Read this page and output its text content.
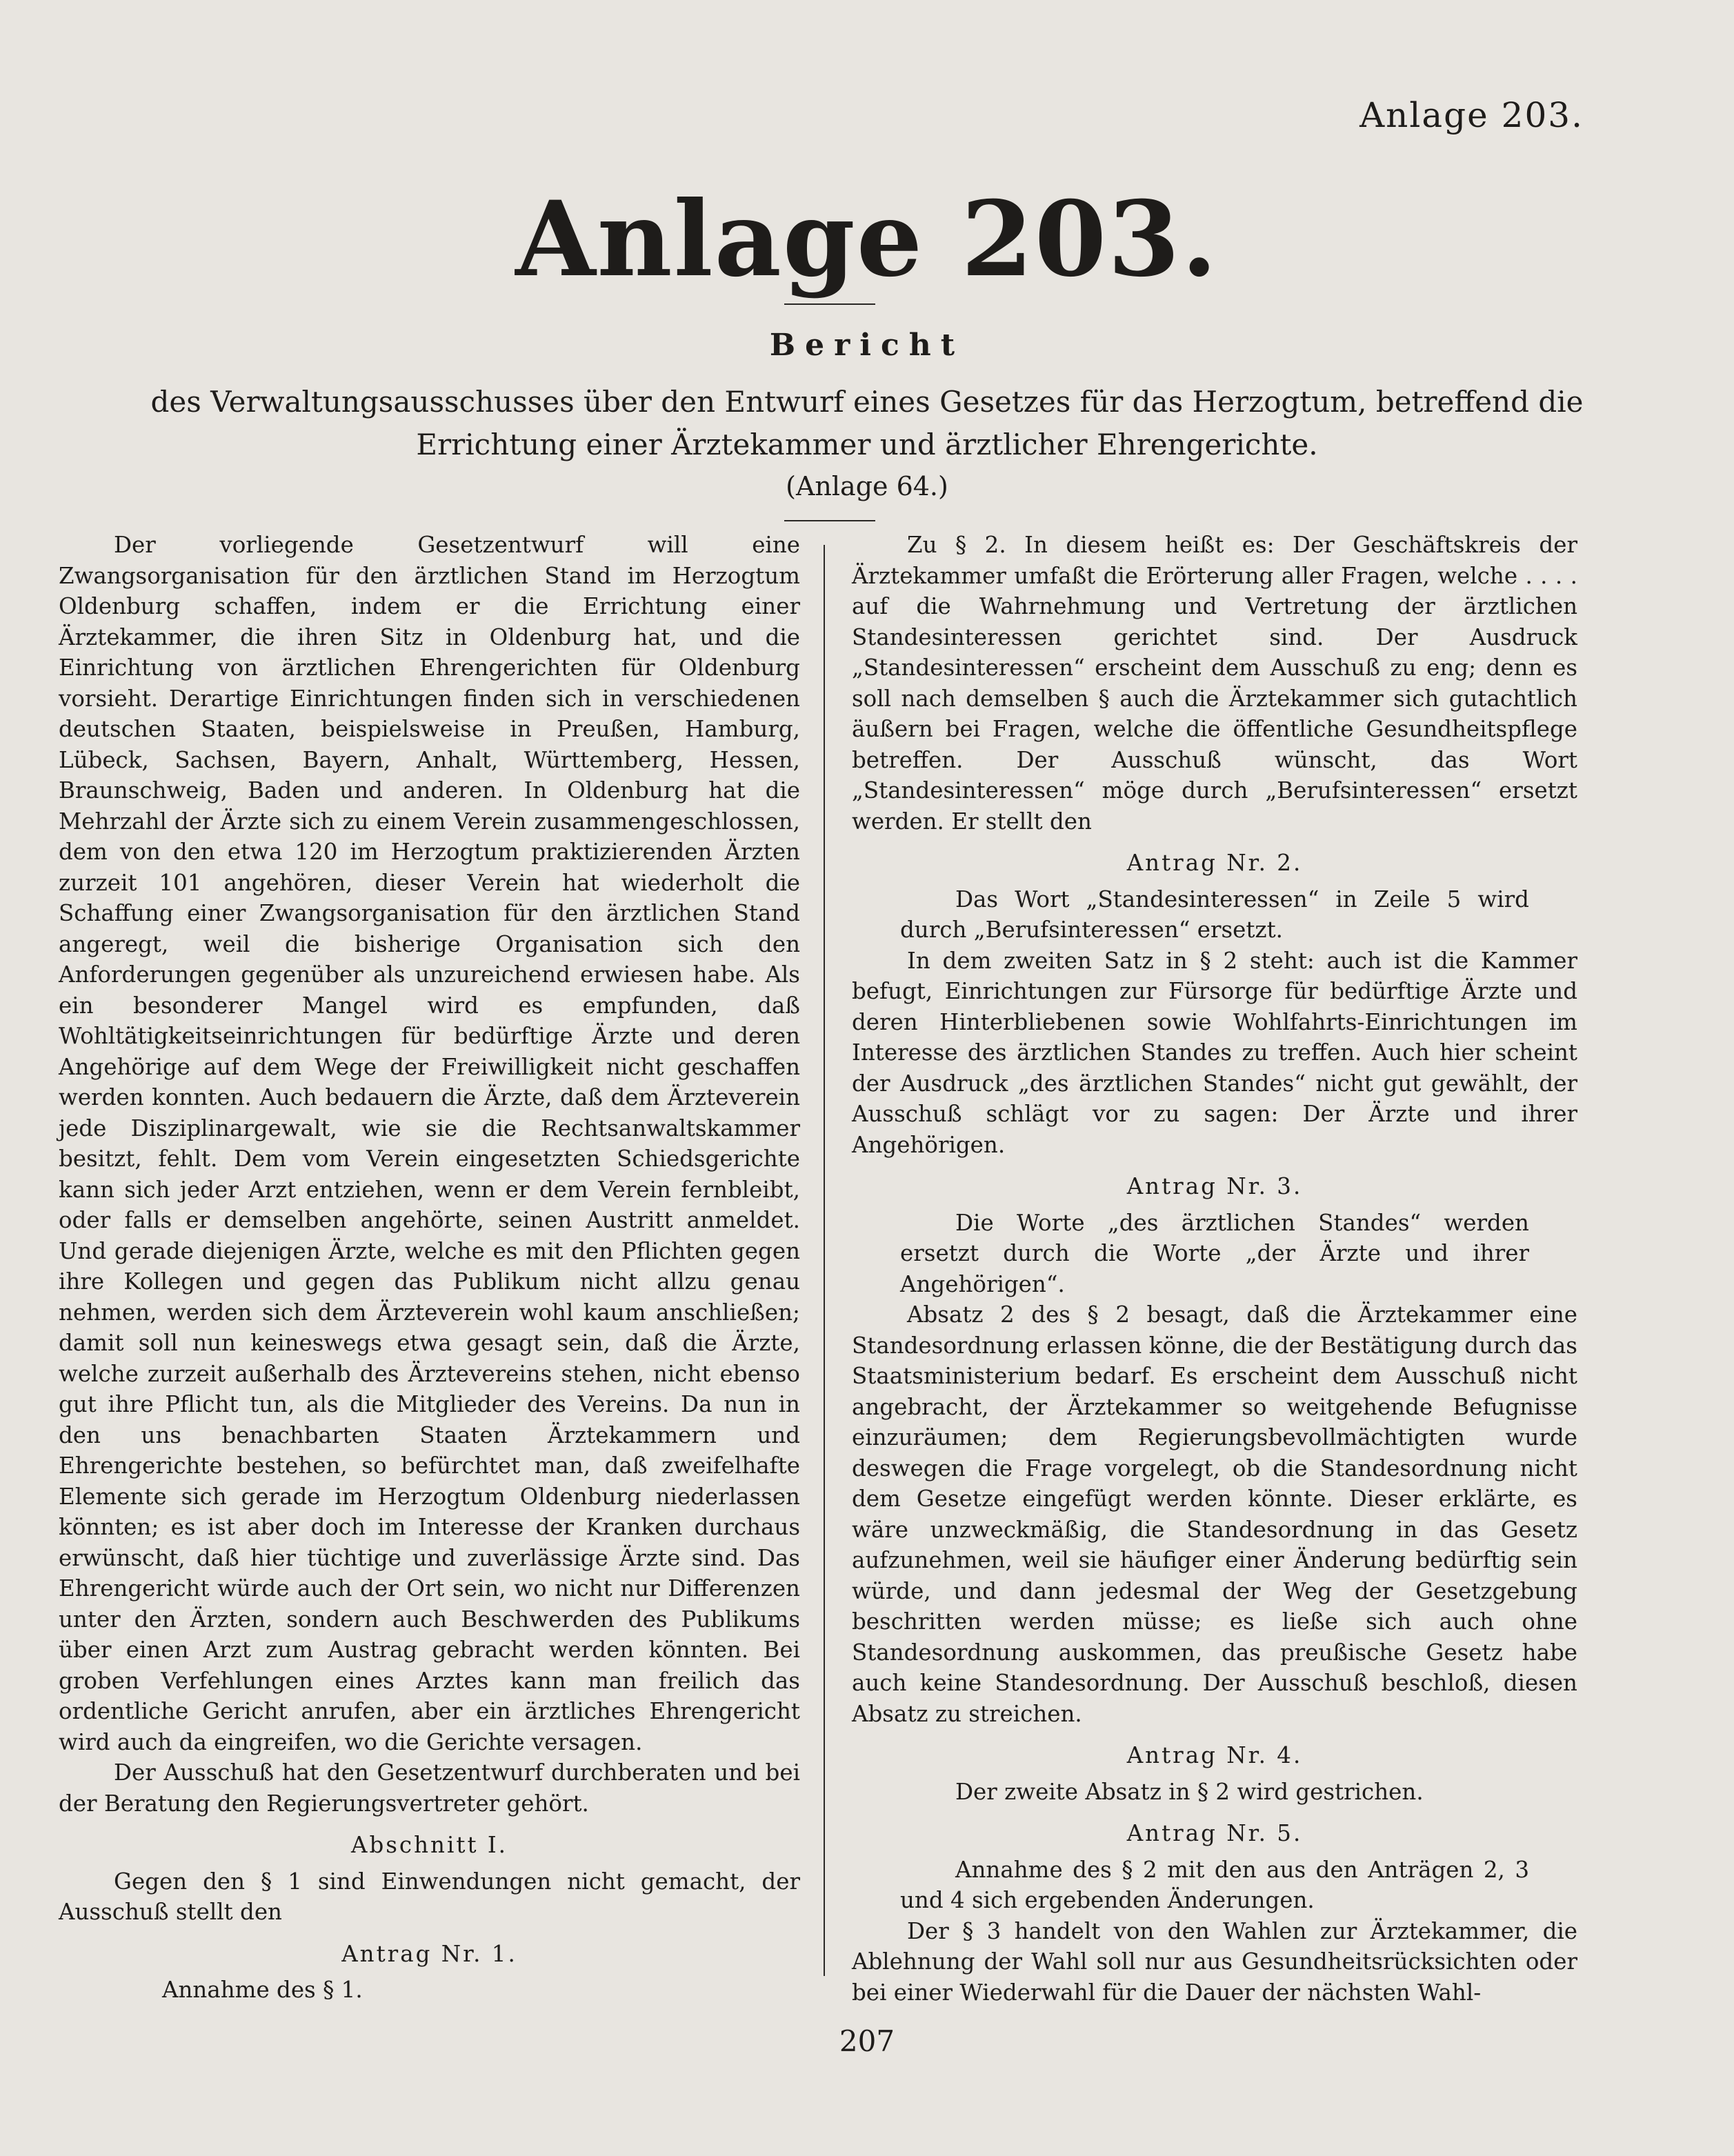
Anlage 203.
Anlage 203.
Bericht
des Verwaltungsausschusses über den Entwurf eines Gesetzes für das Herzogtum, betreffend die Errichtung einer Ärztekammer und ärztlicher Ehrengerichte.
(Anlage 64.)

Der vorliegende Gesetzentwurf will eine Zwangsorganisation für den ärztlichen Stand im Herzogtum Oldenburg schaffen, indem er die Errichtung einer Ärztekammer, die ihren Sitz in Oldenburg hat, und die Einrichtung von ärztlichen Ehrengerichten für Oldenburg vorsieht. Derartige Einrichtungen finden sich in verschiedenen deutschen Staaten, beispielsweise in Preußen, Hamburg, Lübeck, Sachsen, Bayern, Anhalt, Württemberg, Hessen, Braunschweig, Baden und anderen. In Oldenburg hat die Mehrzahl der Ärzte sich zu einem Verein zusammengeschlossen, dem von den etwa 120 im Herzogtum praktizierenden Ärzten zurzeit 101 angehören, dieser Verein hat wiederholt die Schaffung einer Zwangsorganisation für den ärztlichen Stand angeregt, weil die bisherige Organisation sich den Anforderungen gegenüber als unzureichend erwiesen habe. Als ein besonderer Mangel wird es empfunden, daß Wohltätigkeitseinrichtungen für bedürftige Ärzte und deren Angehörige auf dem Wege der Freiwilligkeit nicht geschaffen werden konnten. Auch bedauern die Ärzte, daß dem Ärzteverein jede Disziplinargewalt, wie sie die Rechtsanwaltskammer besitzt, fehlt. Dem vom Verein eingesetzten Schiedsgerichte kann sich jeder Arzt entziehen, wenn er dem Verein fernbleibt, oder falls er demselben angehörte, seinen Austritt anmeldet. Und gerade diejenigen Ärzte, welche es mit den Pflichten gegen ihre Kollegen und gegen das Publikum nicht allzu genau nehmen, werden sich dem Ärzteverein wohl kaum anschließen; damit soll nun keineswegs etwa gesagt sein, daß die Ärzte, welche zurzeit außerhalb des Ärztevereins stehen, nicht ebenso gut ihre Pflicht tun, als die Mitglieder des Vereins. Da nun in den uns benachbarten Staaten Ärztekammern und Ehrengerichte bestehen, so befürchtet man, daß zweifelhafte Elemente sich gerade im Herzogtum Oldenburg niederlassen könnten; es ist aber doch im Interesse der Kranken durchaus erwünscht, daß hier tüchtige und zuverlässige Ärzte sind. Das Ehrengericht würde auch der Ort sein, wo nicht nur Differenzen unter den Ärzten, sondern auch Beschwerden des Publikums über einen Arzt zum Austrag gebracht werden könnten. Bei groben Verfehlungen eines Arztes kann man freilich das ordentliche Gericht anrufen, aber ein ärztliches Ehrengericht wird auch da eingreifen, wo die Gerichte versagen.

Der Ausschuß hat den Gesetzentwurf durchberaten und bei der Beratung den Regierungsvertreter gehört.

Abschnitt I.

Gegen den § 1 sind Einwendungen nicht gemacht, der Ausschuß stellt den

Antrag Nr. 1.

Annahme des § 1.

Zu § 2. In diesem heißt es: Der Geschäftskreis der Ärztekammer umfaßt die Erörterung aller Fragen, welche . . . . auf die Wahrnehmung und Vertretung der ärztlichen Standesinteressen gerichtet sind. Der Ausdruck „Standesinteressen“ erscheint dem Ausschuß zu eng; denn es soll nach demselben § auch die Ärztekammer sich gutachtlich äußern bei Fragen, welche die öffentliche Gesundheitspflege betreffen. Der Ausschuß wünscht, das Wort „Standesinteressen“ möge durch „Berufsinteressen“ ersetzt werden. Er stellt den

Antrag Nr. 2.

Das Wort „Standesinteressen“ in Zeile 5 wird durch „Berufsinteressen“ ersetzt.

In dem zweiten Satz in § 2 steht: auch ist die Kammer befugt, Einrichtungen zur Fürsorge für bedürftige Ärzte und deren Hinterbliebenen sowie Wohlfahrts-Einrichtungen im Interesse des ärztlichen Standes zu treffen. Auch hier scheint der Ausdruck „des ärztlichen Standes“ nicht gut gewählt, der Ausschuß schlägt vor zu sagen: Der Ärzte und ihrer Angehörigen.

Antrag Nr. 3.

Die Worte „des ärztlichen Standes“ werden ersetzt durch die Worte „der Ärzte und ihrer Angehörigen“.

Absatz 2 des § 2 besagt, daß die Ärztekammer eine Standesordnung erlassen könne, die der Bestätigung durch das Staatsministerium bedarf. Es erscheint dem Ausschuß nicht angebracht, der Ärztekammer so weitgehende Befugnisse einzuräumen; dem Regierungsbevollmächtigten wurde deswegen die Frage vorgelegt, ob die Standesordnung nicht dem Gesetze eingefügt werden könnte. Dieser erklärte, es wäre unzweckmäßig, die Standesordnung in das Gesetz aufzunehmen, weil sie häufiger einer Änderung bedürftig sein würde, und dann jedesmal der Weg der Gesetzgebung beschritten werden müsse; es ließe sich auch ohne Standesordnung auskommen, das preußische Gesetz habe auch keine Standesordnung. Der Ausschuß beschloß, diesen Absatz zu streichen.

Antrag Nr. 4.

Der zweite Absatz in § 2 wird gestrichen.

Antrag Nr. 5.

Annahme des § 2 mit den aus den Anträgen 2, 3 und 4 sich ergebenden Änderungen.

Der § 3 handelt von den Wahlen zur Ärztekammer, die Ablehnung der Wahl soll nur aus Gesundheitsrücksichten oder bei einer Wiederwahl für die Dauer der nächsten Wahl-

207
